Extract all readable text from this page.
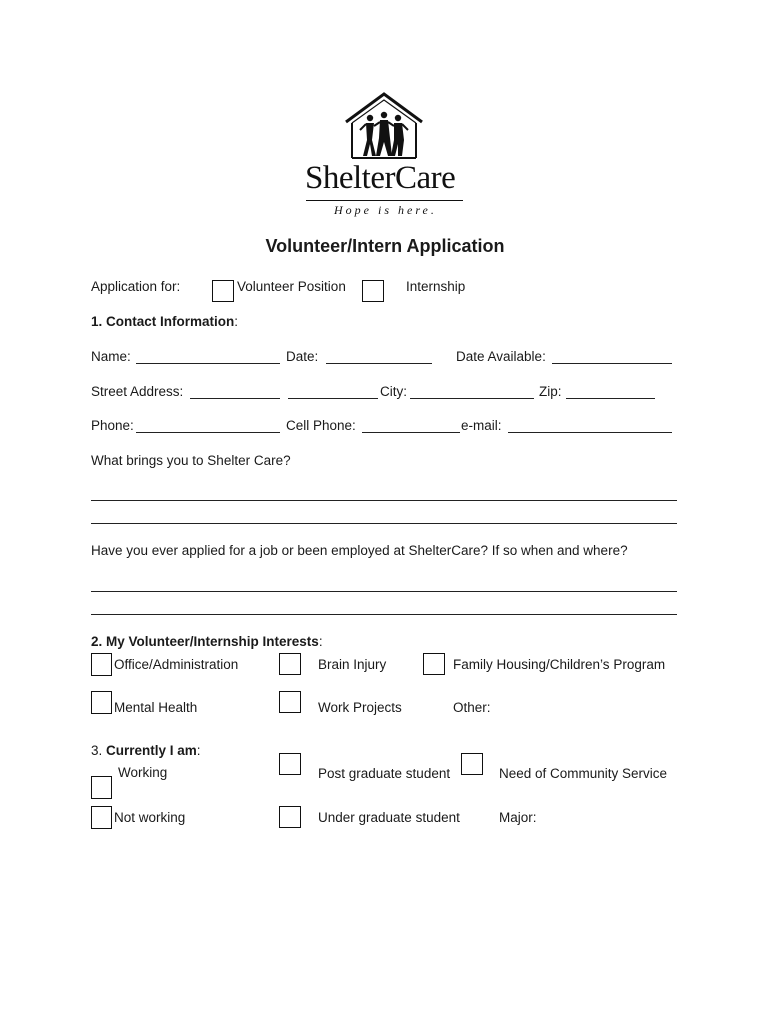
ShelterCare
Hope is here.
Volunteer/Intern Application
Application for:	Volunteer Position	Internship
1. Contact Information:
Name:	Date:	Date Available:
Street Address:	City:	Zip:
Phone:	Cell Phone:	e-mail:
What brings you to Shelter Care?
Have you ever applied for a job or been employed at ShelterCare? If so when and where?
2. My Volunteer/Internship Interests:
Office/Administration	Brain Injury	Family Housing/Children’s Program
Mental Health	Work Projects	Other:
3. Currently I am:
Working	Post graduate student	Need of Community Service
Not working	Under graduate student	Major:
